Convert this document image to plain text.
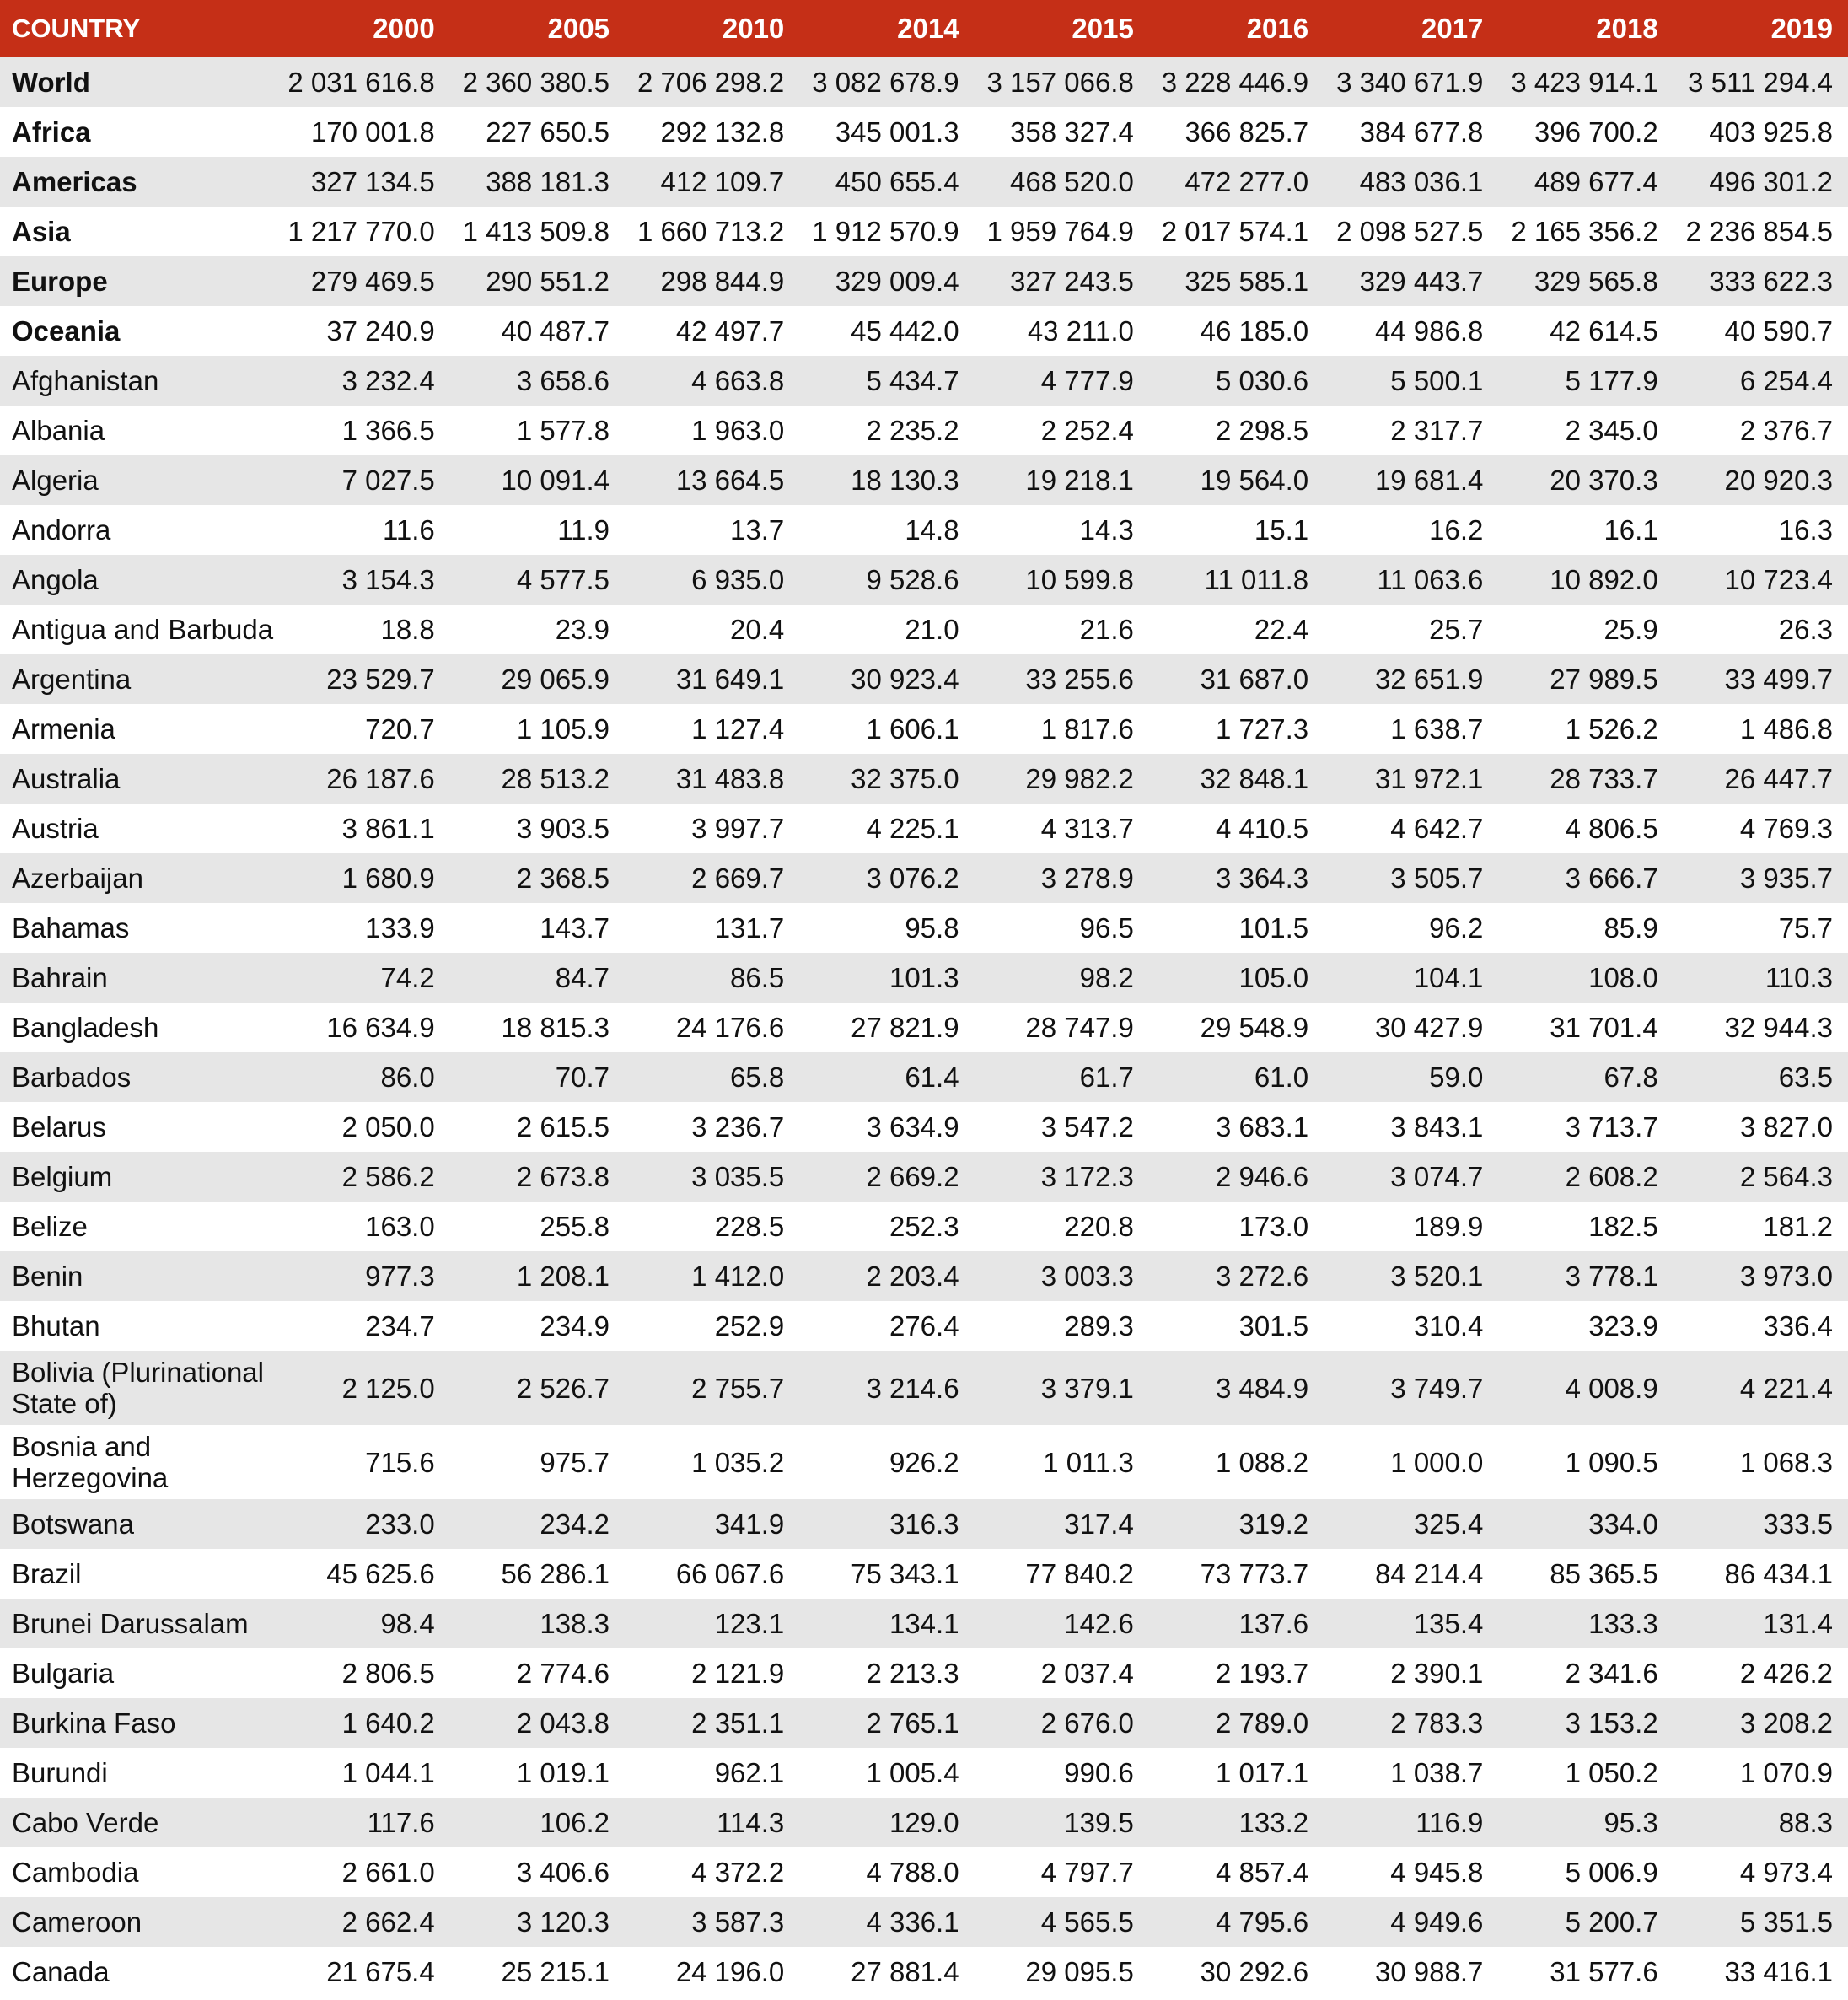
COUNTRY	2000	2005	2010	2014	2015	2016	2017	2018	2019
World	2 031 616.8	2 360 380.5	2 706 298.2	3 082 678.9	3 157 066.8	3 228 446.9	3 340 671.9	3 423 914.1	3 511 294.4
Africa	170 001.8	227 650.5	292 132.8	345 001.3	358 327.4	366 825.7	384 677.8	396 700.2	403 925.8
Americas	327 134.5	388 181.3	412 109.7	450 655.4	468 520.0	472 277.0	483 036.1	489 677.4	496 301.2
Asia	1 217 770.0	1 413 509.8	1 660 713.2	1 912 570.9	1 959 764.9	2 017 574.1	2 098 527.5	2 165 356.2	2 236 854.5
Europe	279 469.5	290 551.2	298 844.9	329 009.4	327 243.5	325 585.1	329 443.7	329 565.8	333 622.3
Oceania	37 240.9	40 487.7	42 497.7	45 442.0	43 211.0	46 185.0	44 986.8	42 614.5	40 590.7
Afghanistan	3 232.4	3 658.6	4 663.8	5 434.7	4 777.9	5 030.6	5 500.1	5 177.9	6 254.4
Albania	1 366.5	1 577.8	1 963.0	2 235.2	2 252.4	2 298.5	2 317.7	2 345.0	2 376.7
Algeria	7 027.5	10 091.4	13 664.5	18 130.3	19 218.1	19 564.0	19 681.4	20 370.3	20 920.3
Andorra	11.6	11.9	13.7	14.8	14.3	15.1	16.2	16.1	16.3
Angola	3 154.3	4 577.5	6 935.0	9 528.6	10 599.8	11 011.8	11 063.6	10 892.0	10 723.4
Antigua and Barbuda	18.8	23.9	20.4	21.0	21.6	22.4	25.7	25.9	26.3
Argentina	23 529.7	29 065.9	31 649.1	30 923.4	33 255.6	31 687.0	32 651.9	27 989.5	33 499.7
Armenia	720.7	1 105.9	1 127.4	1 606.1	1 817.6	1 727.3	1 638.7	1 526.2	1 486.8
Australia	26 187.6	28 513.2	31 483.8	32 375.0	29 982.2	32 848.1	31 972.1	28 733.7	26 447.7
Austria	3 861.1	3 903.5	3 997.7	4 225.1	4 313.7	4 410.5	4 642.7	4 806.5	4 769.3
Azerbaijan	1 680.9	2 368.5	2 669.7	3 076.2	3 278.9	3 364.3	3 505.7	3 666.7	3 935.7
Bahamas	133.9	143.7	131.7	95.8	96.5	101.5	96.2	85.9	75.7
Bahrain	74.2	84.7	86.5	101.3	98.2	105.0	104.1	108.0	110.3
Bangladesh	16 634.9	18 815.3	24 176.6	27 821.9	28 747.9	29 548.9	30 427.9	31 701.4	32 944.3
Barbados	86.0	70.7	65.8	61.4	61.7	61.0	59.0	67.8	63.5
Belarus	2 050.0	2 615.5	3 236.7	3 634.9	3 547.2	3 683.1	3 843.1	3 713.7	3 827.0
Belgium	2 586.2	2 673.8	3 035.5	2 669.2	3 172.3	2 946.6	3 074.7	2 608.2	2 564.3
Belize	163.0	255.8	228.5	252.3	220.8	173.0	189.9	182.5	181.2
Benin	977.3	1 208.1	1 412.0	2 203.4	3 003.3	3 272.6	3 520.1	3 778.1	3 973.0
Bhutan	234.7	234.9	252.9	276.4	289.3	301.5	310.4	323.9	336.4
Bolivia (Plurinational State of)	2 125.0	2 526.7	2 755.7	3 214.6	3 379.1	3 484.9	3 749.7	4 008.9	4 221.4
Bosnia and Herzegovina	715.6	975.7	1 035.2	926.2	1 011.3	1 088.2	1 000.0	1 090.5	1 068.3
Botswana	233.0	234.2	341.9	316.3	317.4	319.2	325.4	334.0	333.5
Brazil	45 625.6	56 286.1	66 067.6	75 343.1	77 840.2	73 773.7	84 214.4	85 365.5	86 434.1
Brunei Darussalam	98.4	138.3	123.1	134.1	142.6	137.6	135.4	133.3	131.4
Bulgaria	2 806.5	2 774.6	2 121.9	2 213.3	2 037.4	2 193.7	2 390.1	2 341.6	2 426.2
Burkina Faso	1 640.2	2 043.8	2 351.1	2 765.1	2 676.0	2 789.0	2 783.3	3 153.2	3 208.2
Burundi	1 044.1	1 019.1	962.1	1 005.4	990.6	1 017.1	1 038.7	1 050.2	1 070.9
Cabo Verde	117.6	106.2	114.3	129.0	139.5	133.2	116.9	95.3	88.3
Cambodia	2 661.0	3 406.6	4 372.2	4 788.0	4 797.7	4 857.4	4 945.8	5 006.9	4 973.4
Cameroon	2 662.4	3 120.3	3 587.3	4 336.1	4 565.5	4 795.6	4 949.6	5 200.7	5 351.5
Canada	21 675.4	25 215.1	24 196.0	27 881.4	29 095.5	30 292.6	30 988.7	31 577.6	33 416.1
